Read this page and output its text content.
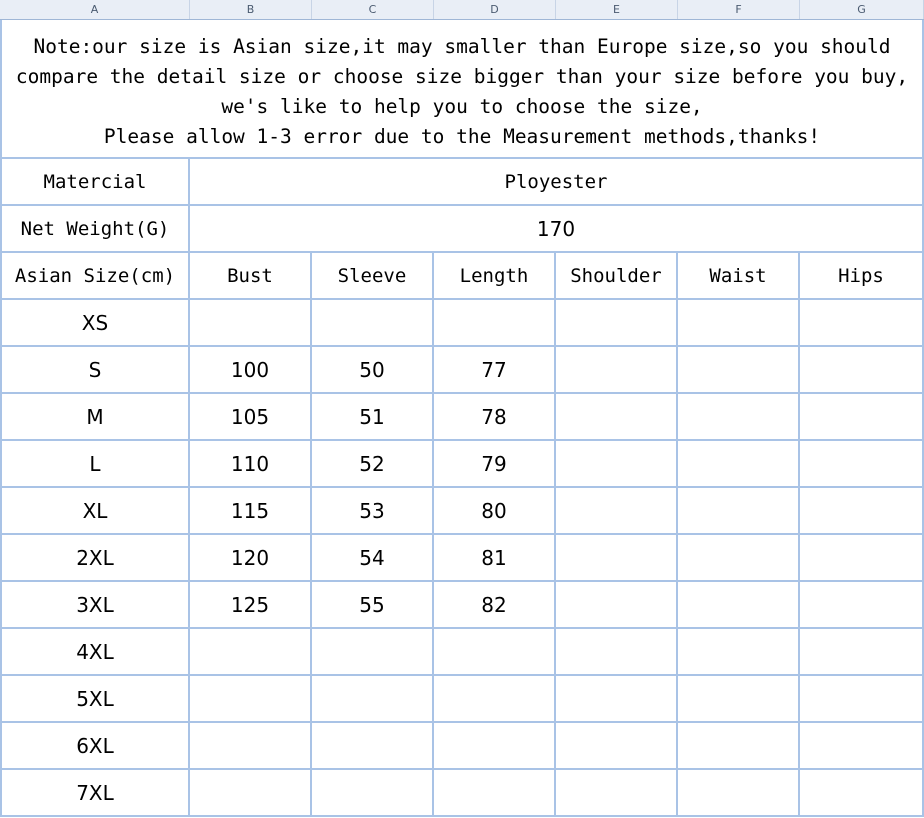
A	B	C	D	E	F	G
Note:our size is Asian size,it may smaller than Europe size,so you should
compare the detail size or choose size bigger than your size before you buy,
we's like to help you to choose the size,
Please allow 1-3 error due to the Measurement methods,thanks!
Matercial	Ployester
Net Weight(G)	170
Asian Size(cm)	Bust	Sleeve	Length	Shoulder	Waist	Hips
XS
S	100	50	77
M	105	51	78
L	110	52	79
XL	115	53	80
2XL	120	54	81
3XL	125	55	82
4XL
5XL
6XL
7XL
